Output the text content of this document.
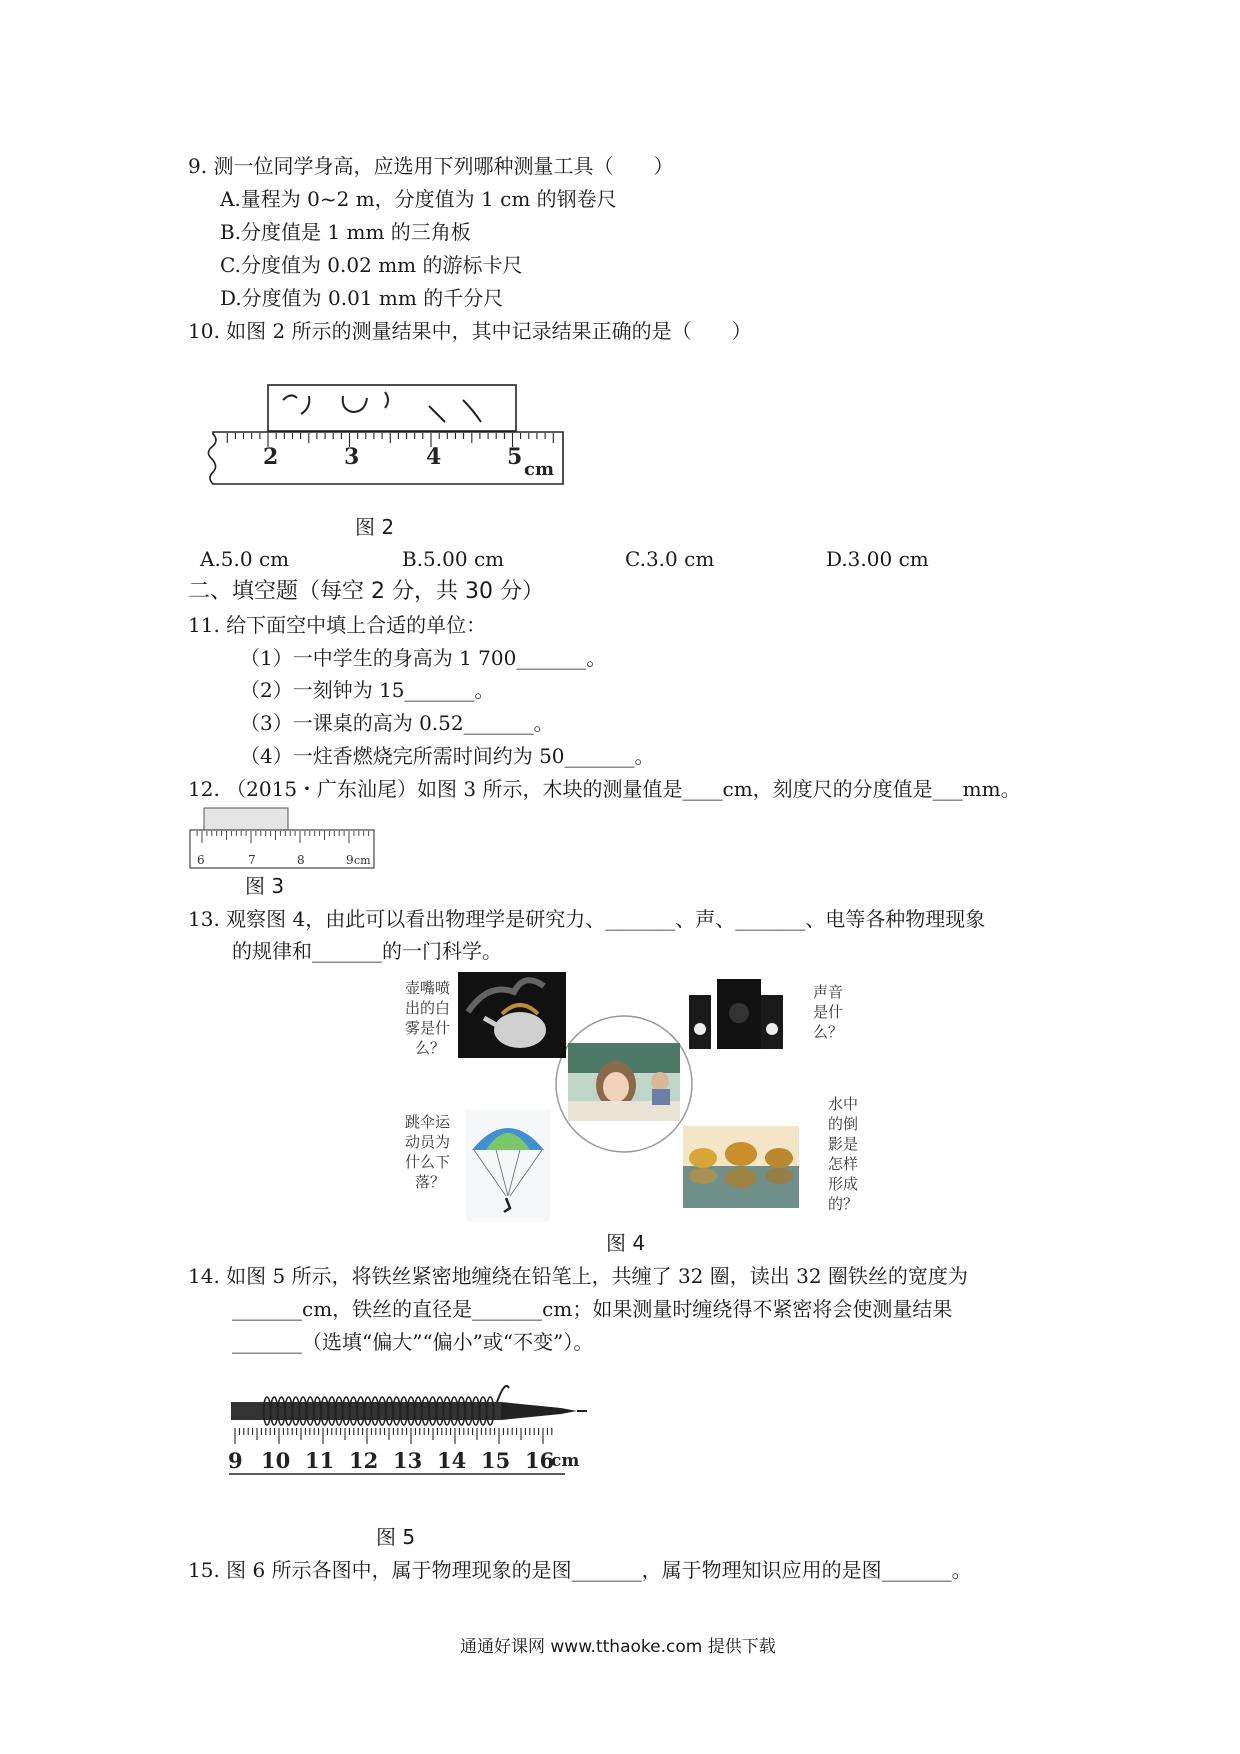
9. 测一位同学身高，应选用下列哪种测量工具（　　）
A.量程为 0~2 m，分度值为 1 cm 的钢卷尺
B.分度值是 1 mm 的三角板
C.分度值为 0.02 mm 的游标卡尺
D.分度值为 0.01 mm 的千分尺
10. 如图 2 所示的测量结果中，其中记录结果正确的是（　　）
2	3	4	5 cm
图 2
A.5.0 cm	B.5.00 cm	C.3.0 cm	D.3.00 cm
二、填空题（每空 2 分，共 30 分）
11. 给下面空中填上合适的单位：
（1）一中学生的身高为 1 700_______。
（2）一刻钟为 15_______。
（3）一课桌的高为 0.52_______。
（4）一炷香燃烧完所需时间约为 50_______。
12. （2015・广东汕尾）如图 3 所示，木块的测量值是____cm，刻度尺的分度值是___mm。
6	7	8	9 cm
图 3
13. 观察图 4，由此可以看出物理学是研究力、_______、声、_______、电等各种物理现象
的规律和_______的一门科学。
壶嘴喷
出的白
雾是什
么？
声音
是什
么？
跳伞运
动员为
什么下
落？
水中
的倒
影是
怎样
形成
的？
图 4
14. 如图 5 所示，将铁丝紧密地缠绕在铅笔上，共缠了 32 圈，读出 32 圈铁丝的宽度为
_______cm，铁丝的直径是_______cm；如果测量时缠绕得不紧密将会使测量结果
_______（选填“偏大”“偏小”或“不变”）。
9 10 11 12 13 14 15 16
cm
图 5
15. 图 6 所示各图中，属于物理现象的是图_______，属于物理知识应用的是图_______。
通通好课网 www.tthaoke.com 提供下载
